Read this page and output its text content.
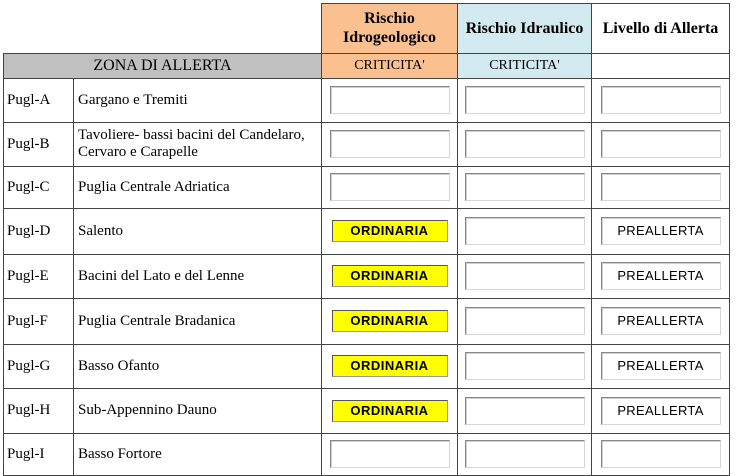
		Rischio Idrogeologico	Rischio Idraulico	Livello di Allerta
ZONA DI ALLERTA		CRITICITA'	CRITICITA'	
Pugl-A	Gargano e Tremiti	

Pugl-B	Tavoliere- bassi bacini del Candelaro, Cervaro e Carapelle	

Pugl-C	Puglia Centrale Adriatica	

Pugl-D	Salento	ORDINARIA		PREALLERTA

Pugl-E	Bacini del Lato e del Lenne	ORDINARIA		PREALLERTA

Pugl-F	Puglia Centrale Bradanica	ORDINARIA		PREALLERTA

Pugl-G	Basso Ofanto	ORDINARIA		PREALLERTA

Pugl-H	Sub-Appennino Dauno	ORDINARIA		PREALLERTA

Pugl-I	Basso Fortore	
